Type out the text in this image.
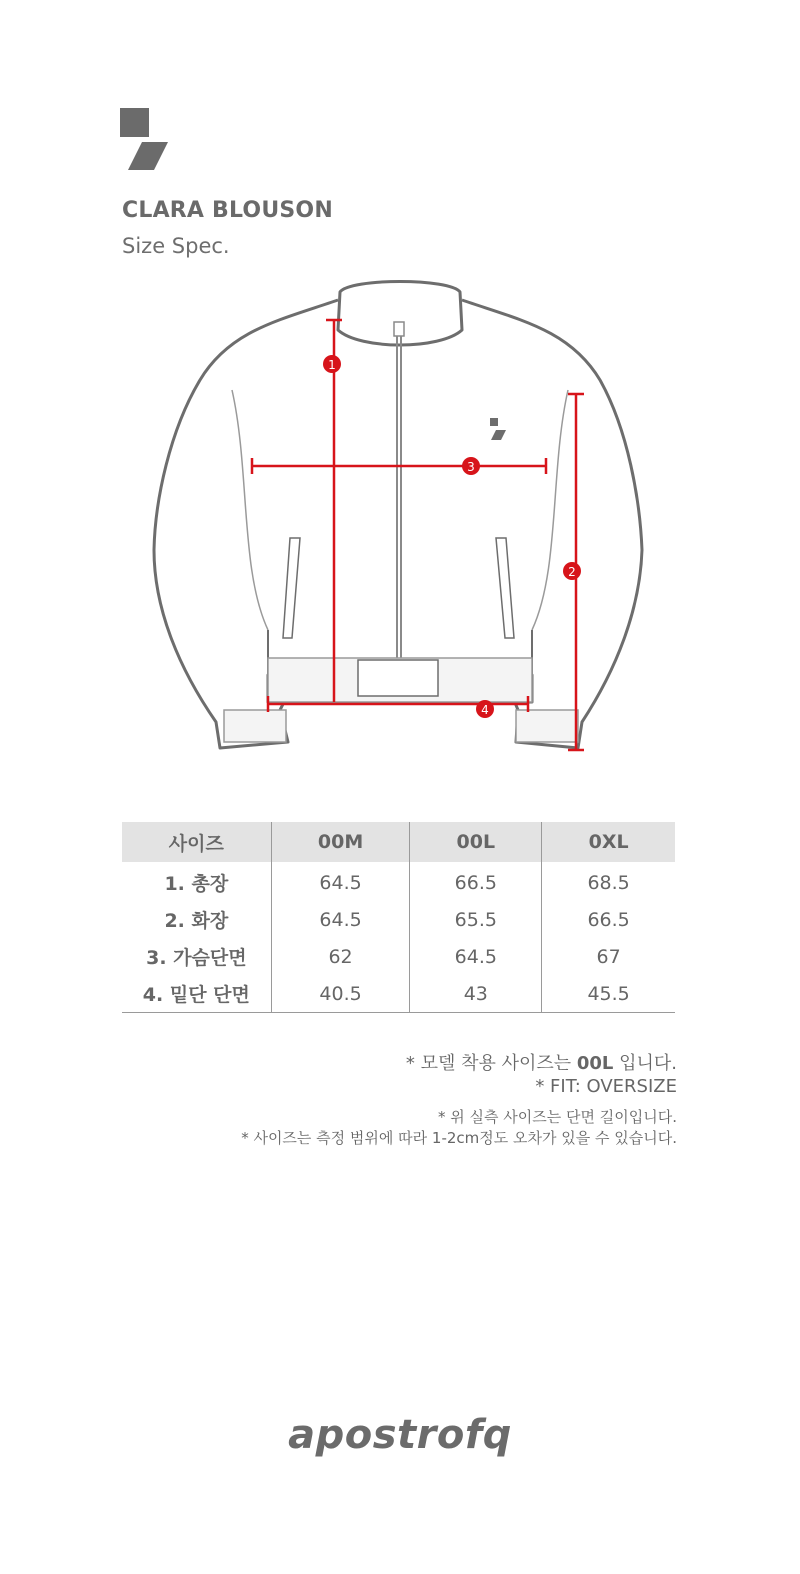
CLARA BLOUSON
Size Spec.
1
2
3
4
사이즈	00M	00L	0XL
1. 총장	64.5	66.5	68.5
2. 화장	64.5	65.5	66.5
3. 가슴단면	62	64.5	67
4. 밑단 단면	40.5	43	45.5
* 모델 착용 사이즈는 00L 입니다.
* FIT: OVERSIZE
* 위 실측 사이즈는 단면 길이입니다.
* 사이즈는 측정 범위에 따라 1-2cm정도 오차가 있을 수 있습니다.
apostrofq
